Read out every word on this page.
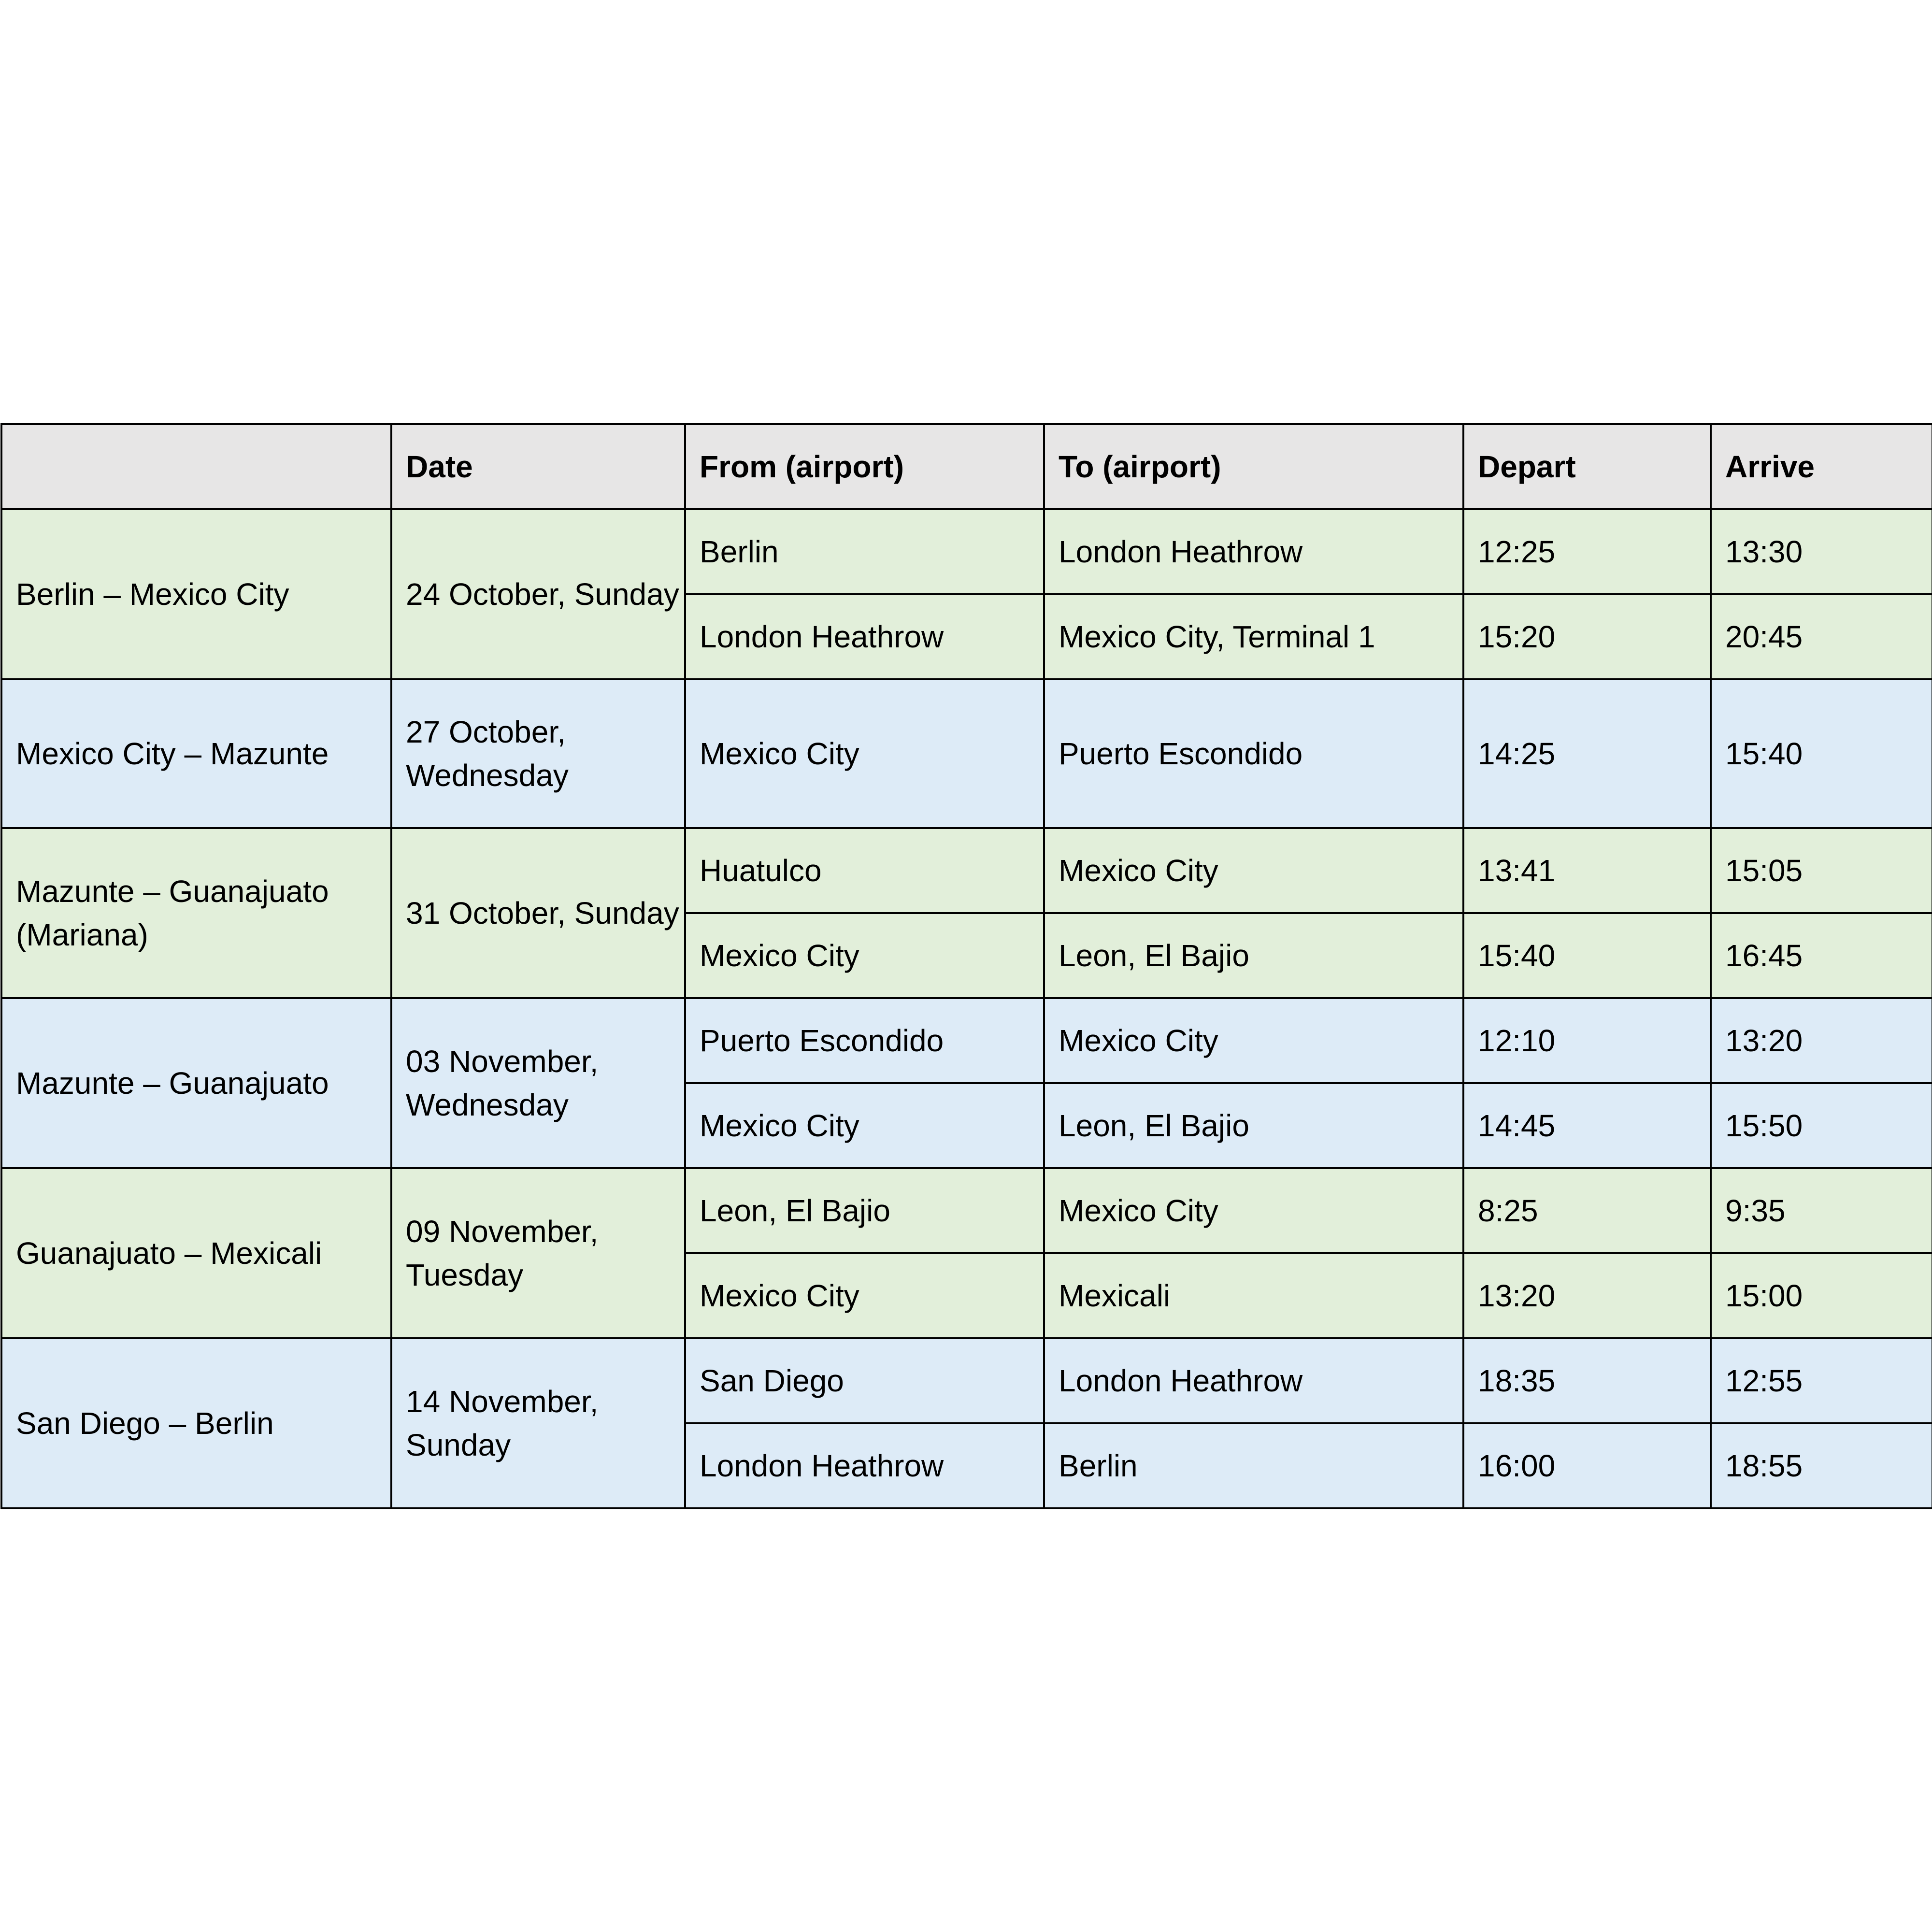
	Date	From (airport)	To (airport)	Depart	Arrive
Berlin – Mexico City	24 October, Sunday	Berlin	London Heathrow	12:25	13:30
		London Heathrow	Mexico City, Terminal 1	15:20	20:45
Mexico City – Mazunte	27 October, Wednesday	Mexico City	Puerto Escondido	14:25	15:40
Mazunte – Guanajuato (Mariana)	31 October, Sunday	Huatulco	Mexico City	13:41	15:05
		Mexico City	Leon, El Bajio	15:40	16:45
Mazunte – Guanajuato	03 November, Wednesday	Puerto Escondido	Mexico City	12:10	13:20
		Mexico City	Leon, El Bajio	14:45	15:50
Guanajuato – Mexicali	09 November, Tuesday	Leon, El Bajio	Mexico City	8:25	9:35
		Mexico City	Mexicali	13:20	15:00
San Diego – Berlin	14 November, Sunday	San Diego	London Heathrow	18:35	12:55
		London Heathrow	Berlin	16:00	18:55
